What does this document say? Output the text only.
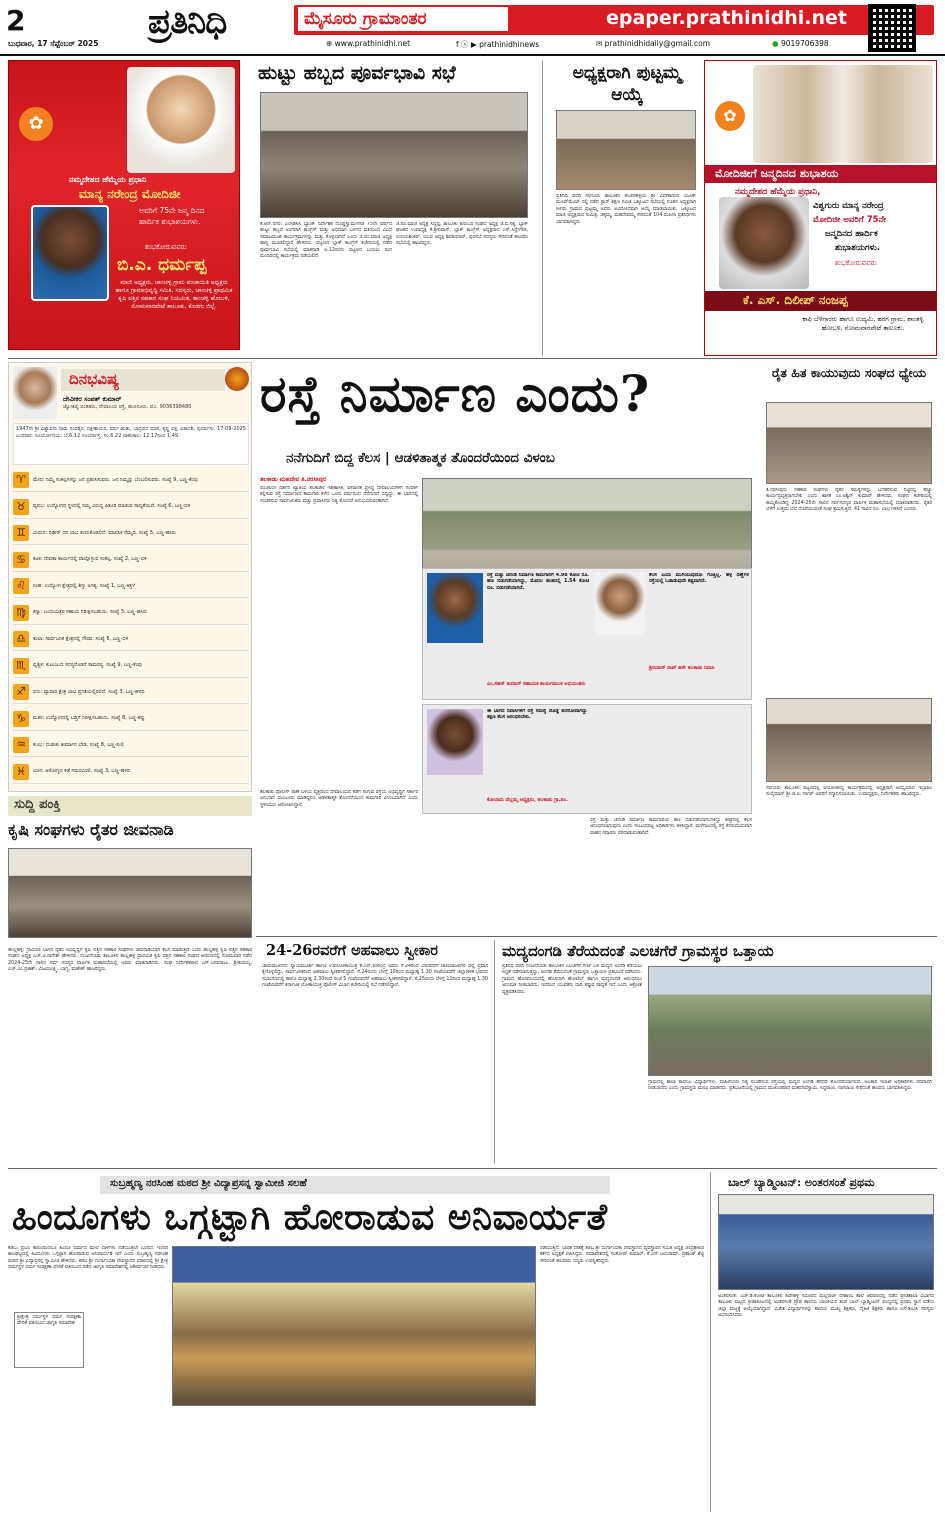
2	ಪ್ರತಿನಿಧಿ	ಮೈಸೂರು ಗ್ರಾಮಾಂತರ	epaper.prathinidhi.net
ಬುಧವಾರ, 17 ಸೆಪ್ಟೆಂಬರ್ 2025	⊕ www.prathinidhi.net	f ⓧ ▶ prathinidhinews	✉ prathinidhidaily@gmail.com	● 9019706398
✿
ನಮ್ಮದೇಶದ ಹೆಮ್ಮೆಯ ಪ್ರಧಾನಿ
ಮಾನ್ಯ ನರೇಂದ್ರ ಮೋದಿಜೀ
ಅವರಿಗೆ 75ನೇ ಜನ್ಮ ದಿನದ
ಹಾರ್ದಿಕ ಶುಭಾಶಯಗಳು.
ಶುಭಕೋರುವವರು
ಬಿ.ಎ. ಧರ್ಮಪ್ಪ
ಮಾಜಿ ಅಧ್ಯಕ್ಷರು, ಚಾಂಚಳ್ಳಿ ಗ್ರಾಮ ಪಂಚಾಯಿತಿ ಅಧ್ಯಕ್ಷರು ಹಾಗೂ ಗ್ರಾಮಾಭಿವೃದ್ಧಿ ಸಮಿತಿ, ಸದಸ್ಯರು, ಚಾಂಚಳ್ಳಿ ಪ್ರಾಥಮಿಕ ಕೃಷಿ ಪತ್ತಿನ ಸಹಕಾರ ಸಂಘ ನಿಯಮಿತ, ತಾಂಚಳ್ಳಿ ಹೋಬಳಿ, ಸೋಮವಾರಪೇಟೆ ತಾಲೂಕು, ಕೊಡಗು ಜಿಲ್ಲೆ.
ಹುಟ್ಟು ಹಬ್ಬದ ಪೂರ್ವಭಾವಿ ಸಭೆ
ಕೆ.ಆರ್.ನಗರ: ಎಂಸಿಡಿಸಿಸಿ ಬ್ಯಾಂಕ್ ನಿರ್ದೇಶಕ ದೊಡ್ಡಸ್ವಾಮೇಗೌಡ 75ನೇ ವರ್ಷದ ಹುಟ್ಟು ಹಬ್ಬದ ಅಂಗವಾಗಿ ಕಾಂಗ್ರೆಸ್ ಮತ್ತು ಅಭಿಮಾನಿ ಬಳಗದ ವತಿಯಿಂದ ವಿವಿಧ ಸಮಾಜಮುಖಿ ಕಾರ್ಯಕ್ರಮಗಳನ್ನು ಮತ್ತು ಕೊಳ್ಳಲಾಗಿದೆ ಎಂದು ಜಿ.ಪಂ.ಮಾಜಿ ಅಧ್ಯಕ್ಷ ಹಾಸ್ಯ ಮೂಡಲಿದ್ದಾರೆ ಹೇಳಿದರು. ಪಟ್ಟಣದ ಬ್ಲಾಕ್ ಕಾಂಗ್ರೆಸ್ ಕಚೇರಿಯಲ್ಲಿ ನಡೆದ ಪೂರ್ವಭಾವಿ ಸಭೆಯಲ್ಲಿ ಮಾತನಾಡಿ ಅ.12ರಂದು ಪಟ್ಟಣದ ಬಯಲು ರಂಗ ಮಂದಿರದಲ್ಲಿ ಕಾರ್ಯಕ್ರಮ ನಡೆಯಲಿದೆ.
ಜಿ.ಪಂ.ಮಾಜಿ ಅಧ್ಯಕ್ಷ ಸಿದ್ದಪ್ಪ, ತಾಲೂಕು ಕುರುಬರ ಸಂಘದ ಅಧ್ಯಕ್ಷ ಜಿ.ಬಿ.ಸತ್ಯ, ಬ್ಲಾಕ್ ಘಟಕದ ಉಪಾಧ್ಯಕ್ಷ ಕೆ.ಶ್ರೀನಿವಾಸ್, ಬ್ಲಾಕ್ ಕಾಂಗ್ರೆಸ್ ಅಧ್ಯಕ್ಷರಾದ ಎಸ್.ಸಿದ್ದೇಗೌಡ, ಉದಯಶಂಕರ್, ಯುವ ಅಧ್ಯಕ್ಷ ಶಿವಕುಮಾರ್, ಪುರಸಭೆ ಸದಸ್ಯರು ಸೇರಿದಂತೆ ಹಲವರು ಸಭೆಯಲ್ಲಿ ಹಾಜರಿದ್ದರು.
ಅಧ್ಯಕ್ಷರಾಗಿ ಪುಟ್ಟಮ್ಮ ಆಯ್ಕೆ
ಪ್ರತಿನಿಧಿ ವರದಿ ಸರಗೂರು ತಾಲೂಕಿನ ಕೆಂಚನಹಳ್ಳಿಯ ಶ್ರೀ ವಿವೇಕಾನಂದ ಯೂತ್ ಮೂವ್‌ಮೆಂಟ್ ನಲ್ಲಿ ನಡೆದ ಸ್ಟಾರ್ ಶಿಕ್ಷಣ ಸಮಿತಿ ಒಕ್ಕೂಟದ ಸಭೆಯಲ್ಲಿ ನೂತನ ಅಧ್ಯಕ್ಷರಾಗಿ ಸೀಗರು ಗ್ರಾಮದ ಪುಟ್ಟಮ್ಮ ಅವರು ಅವಿರೋಧವಾಗಿ ಆಯ್ಕೆ ಮಾಡಲಾಯಿತು. ಒಕ್ಕೂಟದ ಮಾಜಿ ಅಧ್ಯಕ್ಷರಾದ ಸುಮಿತ್ರ, ಚಿಕ್ಕಮ್ಮ, ಮಹದೇವಮ್ಮ ಸೇರಿದಂತೆ 104 ಮಹಿಳಾ ಪ್ರತಿನಿಧಿಗಳು ಭಾಗವಹಿಸಿದ್ದರು.
✿
ಮೋದಿಜೀಗೆ ಜನ್ಮದಿನದ ಶುಭಾಶಯ
ನಮ್ಮದೇಶದ ಹೆಮ್ಮೆಯ ಪ್ರಧಾನಿ,
ವಿಶ್ವಗುರು ಮಾನ್ಯ ನರೇಂದ್ರ
ಮೋದಿಜೀ ಅವರಿಗೆ 75ನೇ
ಜನ್ಮದಿನದ ಹಾರ್ದಿಕ
ಶುಭಾಶಯಗಳು.
ಶುಭಕೋರುವವರು
ಕೆ. ಎಸ್. ದಿಲೀಪ್ ನಂಜಪ್ಪ
ಕಾಫಿ ಬೆಳೆಗಾರರು ಹಾಗೂ ಉದ್ಯಮಿ, ಹರಗ ಗ್ರಾಮ, ಶಾಂತಳ್ಳಿ ಹೋಬಳಿ, ಸೋಮವಾರಪೇಟೆ ತಾಲೂಕು.
ದಿನಭವಿಷ್ಯ
ದೇವೀಕರ ಸಂಪತ್ ಕುಮಾರ್
ಜ್ಯೋತಿಷ್ಯ ಪಂಡಿತರು, ದೇವಾಲಯ ರಸ್ತೆ, ಹುಣಸೂರು. ಮೊ. 9036398480
1947ನೇ ಶ್ರೀ ವಿಶ್ವಾವಸು ನಾಮ ಸಂವತ್ಸರ, ದಕ್ಷಿಣಾಯನ, ವರ್ಷ ಋತು, ಭಾದ್ರಪದ ಮಾಸ, ಕೃಷ್ಣ ಪಕ್ಷ, ಏಕಾದಶಿ, ಪುನರ್ವಸು, 17-09-2025 ಬುಧವಾರ. ಸೂರ್ಯೋದಯ: ಬೆ.6.12 ಸೂರ್ಯಾಸ್ತ: ಸಂ.6.22 ರಾಹುಕಾಲ: 12.17ರಿಂದ 1.49
♈	ಮೇಷ: ನಿಮ್ಮ ಸಂಕಲ್ಪಗಳನ್ನು ಜನ ಪ್ರಶಂಸಿಸುವರು. ಜನ ನಿಮ್ಮನ್ನು ಬೆಂಬಲಿಸುವರು. ಸಂಖ್ಯೆ 9, ಬಣ್ಣ-ಕೆಂಪು
♉	ವೃಷಭ: ಉದ್ಯೋಗದ ಸ್ಥಳದಲ್ಲಿ ನಿಮ್ಮ ವಿರುದ್ಧ ಪಿತೂರಿ ಮಾಡುವ ಸಾಧ್ಯತೆಯಿದೆ. ಸಂಖ್ಯೆ 6, ಬಣ್ಣ-ಬಿಳಿ
♊	ಮಿಥುನ: ದಿಢೀರ್ ಧನ ಲಾಭ ತಂದುಕೊಡಲಿದೆ. ಮಾನಸಿಕ ನೆಮ್ಮದಿ. ಸಂಖ್ಯೆ 5, ಬಣ್ಣ-ಹಸಿರು
♋	ಕಟಕ: ದೇವತಾ ಕಾರ್ಯದಲ್ಲಿ ಪಾಲ್ಗೊಳ್ಳುವ ಸಂಕಲ್ಪ. ಸಂಖ್ಯೆ 2, ಬಣ್ಣ-ಬಿಳಿ
♌	ಸಿಂಹ: ಉದ್ಯೋಗ ಕ್ಷೇತ್ರದಲ್ಲಿ ಶಿಸ್ತು ಅಗತ್ಯ. ಸಂಖ್ಯೆ 1, ಬಣ್ಣ-ಕಿತ್ತಳೆ
♍	ಕನ್ಯಾ: ಬಂಧುಮಿತ್ರರ ಸಹಾಯ ನಿರೀಕ್ಷಿಸಬಹುದು. ಸಂಖ್ಯೆ 5, ಬಣ್ಣ-ಹಸಿರು
♎	ತುಲಾ: ಸಾರ್ವಜನಿಕ ಕ್ಷೇತ್ರದಲ್ಲಿ ಗೌರವ. ಸಂಖ್ಯೆ 6, ಬಣ್ಣ-ಬಿಳಿ
♏	ವೃಶ್ಚಿಕ: ಕುಟುಂಬದ ಸದಸ್ಯರೊಡನೆ ಸಾಮರಸ್ಯ. ಸಂಖ್ಯೆ 9, ಬಣ್ಣ-ಕೆಂಪು
♐	ಧನು: ವ್ಯಾಪಾರ ಕ್ಷೇತ್ರ ಲಾಭ ಪ್ರಗತಿಯಲ್ಲಿರಲಿದೆ. ಸಂಖ್ಯೆ 3, ಬಣ್ಣ-ಹಳದಿ
♑	ಮಕರ: ಉದ್ಯೋಗದಲ್ಲಿ ಬಡ್ತಿಗೆ ನಿರೀಕ್ಷಿಸಬಹುದು. ಸಂಖ್ಯೆ 8, ಬಣ್ಣ-ಕಪ್ಪು
♒	ಕುಂಭ: ದುಡುಕು ತೀರ್ಮಾನ ಬೇಡ. ಸಂಖ್ಯೆ 8, ಬಣ್ಣ-ನೀಲಿ
♓	ಮೀನ: ಆರೋಗ್ಯದ ಕಡೆ ಗಮನವಿರಲಿ. ಸಂಖ್ಯೆ 3, ಬಣ್ಣ-ಹಳದಿ
ಸುದ್ದಿ ಪಂಕ್ತಿ
ಕೃಷಿ ಸಂಘಗಳು ರೈತರ ಜೀವನಾಡಿ
ಹುಲ್ಲಹಳ್ಳಿ: ಗ್ರಾಮೀಣ ಭಾಗದ ರೈತರ ಅಭಿವೃದ್ಧಿಗೆ ಕೃಷಿ ಪತ್ತಿನ ಸಹಕಾರ ಸಂಘಗಳು ಜೀವನಾಡಿಯಾಗಿ ಕೆಲಸ ಮಾಡುತ್ತವೆ ಎಂದು ಹುಲ್ಲಹಳ್ಳಿ ಕೃಷಿ ಪತ್ತಿನ ಸಹಕಾರ ಸಂಘದ ಅಧ್ಯಕ್ಷ ಎಚ್.ಟಿ.ನಾಗೇಶ್ ಹೇಳಿದರು. ನಂಜನಗೂಡು ತಾಲೂಕಿನ ಹುಲ್ಲಹಳ್ಳಿ ಪ್ರಾಥಮಿಕ ಕೃಷಿ ಪತ್ತಿನ ಸಹಕಾರ ಸಂಘದ ಆವರಣದಲ್ಲಿ ಸೋಮವಾರ ನಡೆದ 2024-25ನೇ ಸಾಲಿನ ಸರ್ವ ಸದಸ್ಯರ ವಾರ್ಷಿಕ ಮಹಾಸಭೆಯಲ್ಲಿ ಅವರು ಮಾತನಾಡಿದರು. ಸಂಘ ನಿರ್ದೇಶಕರಾದ ಎಸ್.ಬಸವರಾಜು, ಶ್ರೀಕಂಠಯ್ಯ, ಎಚ್.ಎಂ.ಪ್ರಕಾಶ್, ವಿಜಯಲಕ್ಷ್ಮಿ, ಭಾಗ್ಯ, ಮಹೇಶ್ ಹಾಜರಿದ್ದರು.
ರಸ್ತೆ ನಿರ್ಮಾಣ ಎಂದು?
ನನೆಗುದಿಗೆ ಬಿದ್ದ ಕೆಲಸ | ಆಡಳಿತಾತ್ಮಕ ತೊಂದರೆಯಿಂದ ವಿಳಂಬ
ತಲಕಾಡು ಮಹದೇವ ತಿ.ನರಸೀಪುರ
ಪಂಚಲಿಂಗ ದರ್ಶನ ಖ್ಯಾತಿಯ ತಲಕಾಡಿನ ಇತಿಹಾಸಿಕ, ಪೌರಾಣಿಕ ಪ್ರಸಿದ್ಧ ದೇವಾಲಯಗಳಿಗೆ ಸಂಪರ್ಕ ಕಲ್ಪಿಸುವ ರಸ್ತೆ ನಿರ್ಮಾಣದ ಕಾಮಗಾರಿ ಕಳೆದ ಒಂದು ವರ್ಷದಿಂದ ನೆನೆಗುದಿಗೆ ಬಿದ್ದಿದ್ದು, ಈ ಭಾಗದಲ್ಲಿ ಸಂಚರಿಸುವ ಸಾರ್ವಜನಿಕರು ಮತ್ತು ಪ್ರವಾಸಿಗರು ನಿತ್ಯ ತೊಂದರೆ ಅನುಭವಿಸುವಂತಾಗಿದೆ.
ರಸ್ತೆ ಮತ್ತು ಚರಂಡಿ ನಿರ್ಮಾಣ ಕಾಮಗಾರಿಗೆ 4.98 ಕೋಟಿ ರೂ. ಹಣ ಬಿಡುಗಡೆಯಾಗಿದ್ದು, ಮೊದಲ ಹಂತದಲ್ಲಿ 1.54 ಕೋಟಿ ರೂ. ಬಿಡುಗಡೆಯಾಗಿದೆ.
ಎಂ.ಸಹನ್ ಕುಮಾರ್ ಸಹಾಯಕ ಕಾರ್ಯಪಾಲಕ ಅಭಿಯಂತರು
ಕೆಲಸ ಎಂದು ಮುಗಿಯುವುದೋ ಗೊತ್ತಿಲ್ಲ. ಹಳ್ಳ ದಿಣ್ಣೆಗಳ ರಸ್ತೆಯಲ್ಲಿ ಓಡಾಡುವುದೇ ಕಷ್ಟವಾಗಿದೆ.
ಶ್ರೀನಿವಾಸ್ ರಾವ್ ಹಳೇ ತಲಕಾಡು ನಿವಾಸಿ
ತಲಕಾಡು ಪೊಲೀಸ್ ಠಾಣೆ ಬಳಿಯ ವೃತ್ತದಿಂದ ದೇವಾಲಯದ ಕಡೆಗೆ ಸಾಗುವ ರಸ್ತೆಯ ಅಭಿವೃದ್ಧಿಗೆ ಸರ್ಕಾರ ಅನುದಾನ ಮಂಜೂರು ಮಾಡಿದ್ದರೂ ಆಡಳಿತಾತ್ಮಕ ತೊಂದರೆಯಿಂದ ಕಾಮಗಾರಿ ವಿಳಂಬವಾಗಿದೆ ಎಂದು ಸ್ಥಳೀಯರು ಆರೋಪಿಸಿದ್ದಾರೆ.
ಈ ಭಾಗದ ನಿವಾಸಿಗಳಿಗೆ ರಸ್ತೆ ಸಮಸ್ಯೆ ದೊಡ್ಡ ತಲೆನೋವಾಗಿದ್ದು ತಕ್ಷಣ ಕೆಲಸ ಆರಂಭಿಸಬೇಕು.
ಕೋಲಾಮ ವೆಲ್ಲಮ್ಮ ಅಧ್ಯಕ್ಷರು, ತಲಕಾಡು ಗ್ರಾ.ಪಂ.
ರಸ್ತೆ ಮತ್ತು ಚರಂಡಿ ನಿರ್ಮಾಣ ಕಾಮಗಾರಿಯ ಹಣ ಬಿಡುಗಡೆಯಾಗಬೇಕಿದ್ದು ಶೀಘ್ರದಲ್ಲಿ ಕೆಲಸ ಆರಂಭಿಸಲಾಗುವುದು ಎಂದು ಸಂಬಂಧಪಟ್ಟ ಅಧಿಕಾರಿಗಳು ತಿಳಿಸಿದ್ದಾರೆ. ಮಳೆಗಾಲದಲ್ಲಿ ರಸ್ತೆ ಕೆಸರುಮಯವಾಗಿ ವಾಹನ ಸವಾರರು ಪರದಾಡುವಂತಾಗಿದೆ.
ರೈತ ಹಿತ ಕಾಯುವುದು ಸಂಘದ ಧ್ಯೇಯ
ತಿ.ನರಸೀಪುರ: ಸಹಕಾರ ಸಂಘಗಳು ರೈತರ ಸಮಸ್ಯೆಗಳನ್ನು ಬಗೆಹರಿಸುವ ನಿಟ್ಟಿನಲ್ಲಿ ಹೆಚ್ಚು ಕಾರ್ಯಪ್ರವೃತ್ತರಾಗಬೇಕು ಎಂದು ಶಾಸಕ ಎಂ.ಅಶ್ವಿನ್ ಕುಮಾರ್ ಹೇಳಿದರು. ಸಂಘದ ಕಚೇರಿಯಲ್ಲಿ ಹಮ್ಮಿಕೊಂಡಿದ್ದ 2024-25ನೇ ಸಾಲಿನ ಸರ್ವಸದಸ್ಯರ ವಾರ್ಷಿಕ ಮಹಾಸಭೆಯಲ್ಲಿ ಮಾತನಾಡಿದರು. ರೈತರ ಬೆಳೆಗೆ ಉತ್ತಮ ಬೆಲೆ ದೊರೆಯುವಂತೆ ಸಂಘ ಶ್ರಮಿಸುತ್ತಿದೆ. 41 ಸಾವಿರ ರೂ. ಲಾಭ ಗಳಿಸಿದೆ ಎಂದರು.
ಸರಗೂರು ತಾಲೂಕಿನ ಪಟ್ಟಣದಲ್ಲಿ ಆಯೋಜಿಸಿದ್ದ ಕಾರ್ಯಕ್ರಮದಲ್ಲಿ ಅಧ್ಯಕ್ಷರಾಗಿ ಆಯ್ಕೆಯಾದ ಇಬ್ರಾಹಿಂ ಸುಲೈಮಾನ್ ಶ್ರೀ.ಜಿ.ಪಿ. ನಾಗರ್ ಅವರಿಗೆ ಸನ್ಮಾನಿಸಲಾಯಿತು. ಉಪಾಧ್ಯಕ್ಷರು, ನಿರ್ದೇಶಕರು ಹಾಜರಿದ್ದರು.
24-26ರವರೆಗೆ ಅಹವಾಲು ಸ್ವೀಕಾರ
ಚಾಮರಾಜನಗರ: ನ್ಯಾಯಮೂರ್ತಿ ಹಾಗೂ ಉಪಲೋಕಾಯುಕ್ತ ಕೆ.ಎನ್.ಫಣೀಂದ್ರ ಅವರು ಸೆ.24ರಿಂದ 26ರವರೆಗೆ ಚಾಮರಾಜನಗರ ಜಿಲ್ಲೆ ಪ್ರವಾಸ ಕೈಗೊಳ್ಳಲಿದ್ದು, ಸಾರ್ವಜನಿಕರಿಂದ ಅಹವಾಲು ಸ್ವೀಕರಿಸಲಿದ್ದಾರೆ. ಸೆ.24ರಂದು ಬೆಳಗ್ಗೆ 10ರಿಂದ ಮಧ್ಯಾಹ್ನ 1.30 ಗಂಟೆಯವರೆಗೆ ಜಿಲ್ಲಾಡಳಿತ ಭವನದ ಸಭಾಂಗಣದಲ್ಲಿ ಹಾಗೂ ಮಧ್ಯಾಹ್ನ 2.30ರಿಂದ ಸಂಜೆ 5 ಗಂಟೆಯವರೆಗೆ ಅಹವಾಲು ಸ್ವೀಕರಿಸಲಿದ್ದಾರೆ. ಸೆ.25ರಂದು ಬೆಳಗ್ಗೆ 11ರಿಂದ ಮಧ್ಯಾಹ್ನ 1.30 ಗಂಟೆಯವರೆಗೆ ಕರ್ನಾಟಕ ಲೋಕಾಯುಕ್ತ ಪೊಲೀಸ್ ವಿಭಾಗ ಕಚೇರಿಯಲ್ಲಿ ಸಭೆ ನಡೆಸಲಿದ್ದಾರೆ.
ಮದ್ಯದಂಗಡಿ ತೆರೆಯದಂತೆ ಎಲಚಗೆರೆ ಗ್ರಾಮಸ್ಥರ ಒತ್ತಾಯ
ಪ್ರತಿನಿಧಿ ವರದಿ ನಂಜನಗೂಡು ತಾಲೂಕಿನ ಎಲಚಗೆರೆ ಗೇಟ್ ಬಳಿ ಮದ್ಯದ ಅಂಗಡಿ ತೆರೆಯಲು ಸಿದ್ಧತೆ ನಡೆಸಲಾಗುತ್ತಿದ್ದು, ಅಂಗಡಿ ತೆರೆಯದಂತೆ ಗ್ರಾಮಸ್ಥರು ಒತ್ತಾಯಿಸಿ ಪ್ರತಿಭಟನೆ ನಡೆಸಿದರು. ಗ್ರಾಮದ ಹೊರವಲಯದಲ್ಲಿ ಹೊಸದಾಗಿ ಹೋಟೆಲ್ ಹಾಗೂ ಮದ್ಯದಂಗಡಿ ಆರಂಭಿಸಲು ಅನುಮತಿ ನೀಡಬಾರದು. ಇದರಿಂದ ಯುವಕರು ದಾರಿ ತಪ್ಪುವ ಸಾಧ್ಯತೆ ಇದೆ ಎಂದು ಆಕ್ರೋಶ ವ್ಯಕ್ತಪಡಿಸಿದರು.
ಗ್ರಾಮದಲ್ಲಿ ಶಾಲಾ ಕಾಲೇಜು ವಿದ್ಯಾರ್ಥಿಗಳು, ಮಹಿಳೆಯರು ನಿತ್ಯ ಸಂಚರಿಸುವ ರಸ್ತೆಯಲ್ಲಿ ಮದ್ಯದ ಅಂಗಡಿ ತೆರೆದರೆ ತೊಂದರೆಯಾಗಲಿದೆ. ಅಬಕಾರಿ ಇಲಾಖೆ ಅಧಿಕಾರಿಗಳು ಪರವಾನಗಿ ನೀಡಬಾರದು ಎಂದು ಗ್ರಾಮಸ್ಥರು ಮನವಿ ಮಾಡಿದರು. ಪ್ರತಿಭಟನೆಯಲ್ಲಿ ಗ್ರಾಮದ ಮುಖಂಡರಾದ ಮಹದೇವಸ್ವಾಮಿ, ಸಿದ್ದರಾಜು, ನಾಗರಾಜು ಸೇರಿದಂತೆ ಹಲವರು ಭಾಗವಹಿಸಿದ್ದರು.
ಸುಬ್ರಹ್ಮಣ್ಯ ನರಸಿಂಹ ಮಠದ ಶ್ರೀ ವಿದ್ಯಾಪ್ರಸನ್ನ ಸ್ವಾಮೀಜಿ ಸಲಹೆ
ಹಿಂದೂಗಳು ಒಗ್ಗಟ್ಟಾಗಿ ಹೋರಾಡುವ ಅನಿವಾರ್ಯತೆ
ಕಡಬ: ಪ್ರಬಲ ಕಾಲಿಂದಿಂದಲೂ ಹಿಂದೂ ಧರ್ಮದ ಮೇಲೆ ದಾಳಿಗಳು ನಡೆಯುತ್ತಲೇ ಬಂದಿದೆ. ಇಂದಿನ ಕಾಲಘಟ್ಟದಲ್ಲಿ ಹಿಂದೂಗಳು ಒಗ್ಗಟ್ಟಾಗಿ ಹೋರಾಡುವ ಅನಿವಾರ್ಯತೆ ಇದೆ ಎಂದು ಸುಬ್ರಹ್ಮಣ್ಯ ನರಸಿಂಹ ಮಠದ ಶ್ರೀ ವಿದ್ಯಾಪ್ರಸನ್ನ ಸ್ವಾಮೀಜಿ ಹೇಳಿದರು. ಕಡಬ ಶ್ರೀ ದುರ್ಗಾಂಬಿಕಾ ದೇವಸ್ಥಾನದ ವಠಾರದಲ್ಲಿ ಶ್ರೀ ಕ್ಷೇತ್ರ ಧರ್ಮಸ್ಥಳ ಧರ್ಮ ಸಂರಕ್ಷಣಾ ವೇದಿಕೆ ವತಿಯಿಂದ ನಡೆದ ಜಾಗೃತಿ ಸಮಾವೇಶದಲ್ಲಿ ಆಶೀರ್ವಚನ ನೀಡಿದರು.
ಶ್ರೀಕ್ಷೇತ್ರ ಧರ್ಮಸ್ಥಳ ಧರ್ಮ ಸಂರಕ್ಷಣಾ ವೇದಿಕೆ ವತಿಯಿಂದ ಜಾಗೃತಿ ಸಮಾವೇಶ
ನಡೆಯುತ್ತಿದೆ. ಭಾರತ ದೇಶಕ್ಕೆ ಕಡಬ ಶ್ರೀ ದುರ್ಗಾಂಬಿಕಾ ದೇವಸ್ಥಾನದ ವ್ಯವಸ್ಥಾಪನ ಸಮಿತಿ ಅಧ್ಯಕ್ಷ ಚಂದ್ರಶೇಖರ ಕರ್ಕೆರ ಅಧ್ಯಕ್ಷತೆ ವಹಿಸಿದ್ದರು. ಸಮಾವೇಶದಲ್ಲಿ ಸಂತೋಷ್ ಕುಮಾರ್, ಕೆ.ಎಸ್.ಜಯರಾಮ್, ಪ್ರಶಾಂತ್ ಶೆಟ್ಟಿ ಸೇರಿದಂತೆ ಹಲವಾರು ಗಣ್ಯರು ಉಪಸ್ಥಿತರಿದ್ದರು.
ಬಾಲ್ ಬ್ಯಾಡ್ಮಿಂಟನ್: ಅಂತರಸಂತೆ ಪ್ರಥಮ
ಅಂತರಸಂತೆ: ಎಚ್.ಡಿ.ಕೋಟೆ ತಾಲೂಕಿನ ಹಿರೇಹಳ್ಳಿ ಸಮೀಪದ ಮಲ್ಲರಾಜ್ ದೇಶಾಯಿ ಶಾಲೆ ಆವರಣದಲ್ಲಿ ನಡೆದ ಪ್ರೌಢಶಾಲಾ ವಿಭಾಗದ ತಾಲೂಕು ಮಟ್ಟದ ಕ್ರೀಡಾಕೂಟದಲ್ಲಿ ಅಂತರಸಂತೆ ಪ್ರೌಢ ಶಾಲೆಯ ಬಾಲಕಿಯರ ತಂಡ ಬಾಲ್ ಬ್ಯಾಡ್ಮಿಂಟನ್ ಪಂದ್ಯದಲ್ಲಿ ಪ್ರಥಮ ಸ್ಥಾನ ಪಡೆದು ಜಿಲ್ಲಾ ಮಟ್ಟಕ್ಕೆ ಆಯ್ಕೆಯಾಗಿದ್ದಾರೆ. ವಿಜೇತ ವಿದ್ಯಾರ್ಥಿಗಳನ್ನು ಶಾಲೆಯ ಮುಖ್ಯ ಶಿಕ್ಷಕರು, ದೈಹಿಕ ಶಿಕ್ಷಕರು ಹಾಗೂ ಎಸ್‌ಡಿಎಂಸಿ ಸದಸ್ಯರು ಅಭಿನಂದಿಸಿದರು.
